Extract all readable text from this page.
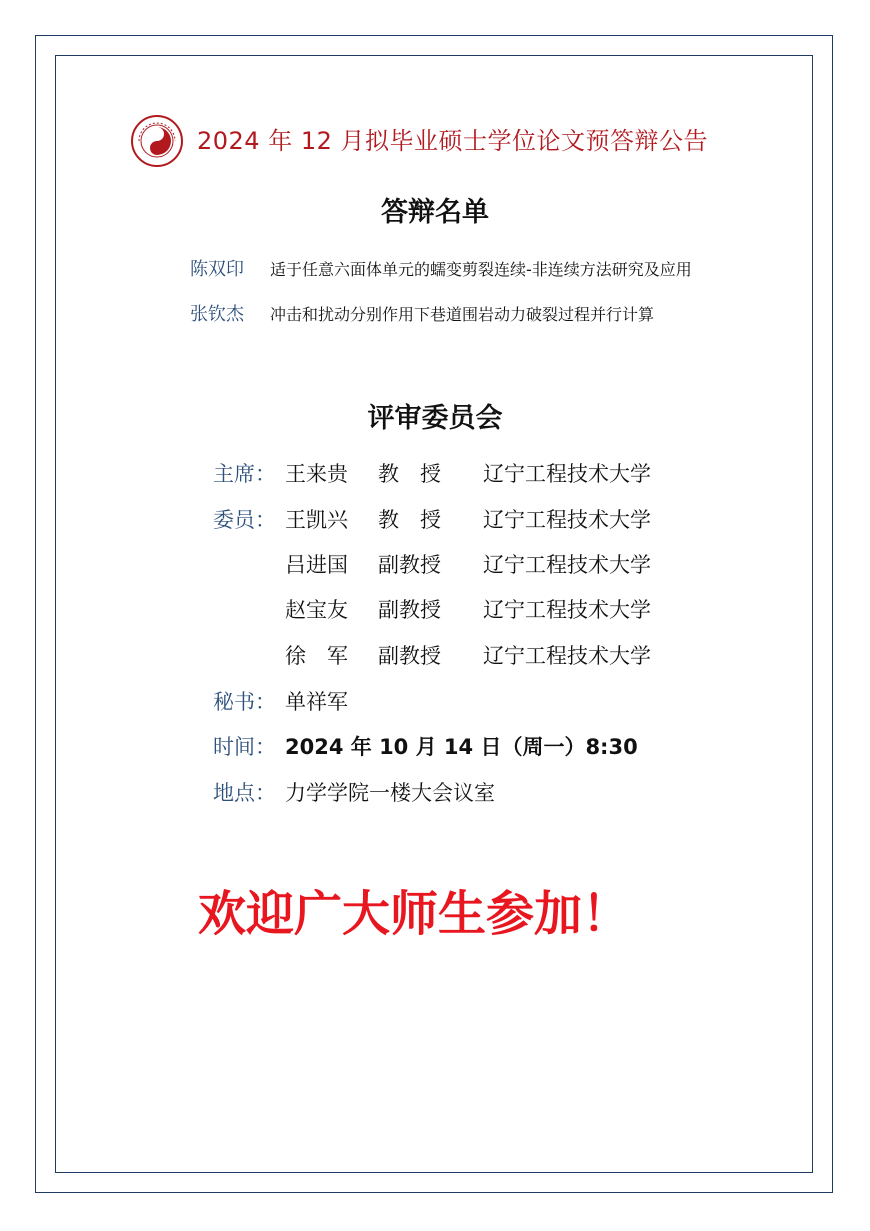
2024 年 12 月拟毕业硕士学位论文预答辩公告
答辩名单
陈双印 适于任意六面体单元的蠕变剪裂连续-非连续方法研究及应用
张钦杰 冲击和扰动分别作用下巷道围岩动力破裂过程并行计算
评审委员会
主席： 王来贵 教　授 辽宁工程技术大学
委员： 王凯兴 教　授 辽宁工程技术大学
吕进国 副教授 辽宁工程技术大学
赵宝友 副教授 辽宁工程技术大学
徐　军 副教授 辽宁工程技术大学
秘书： 单祥军
时间： 2024 年 10 月 14 日（周一）8:30
地点： 力学学院一楼大会议室
欢迎广大师生参加！
